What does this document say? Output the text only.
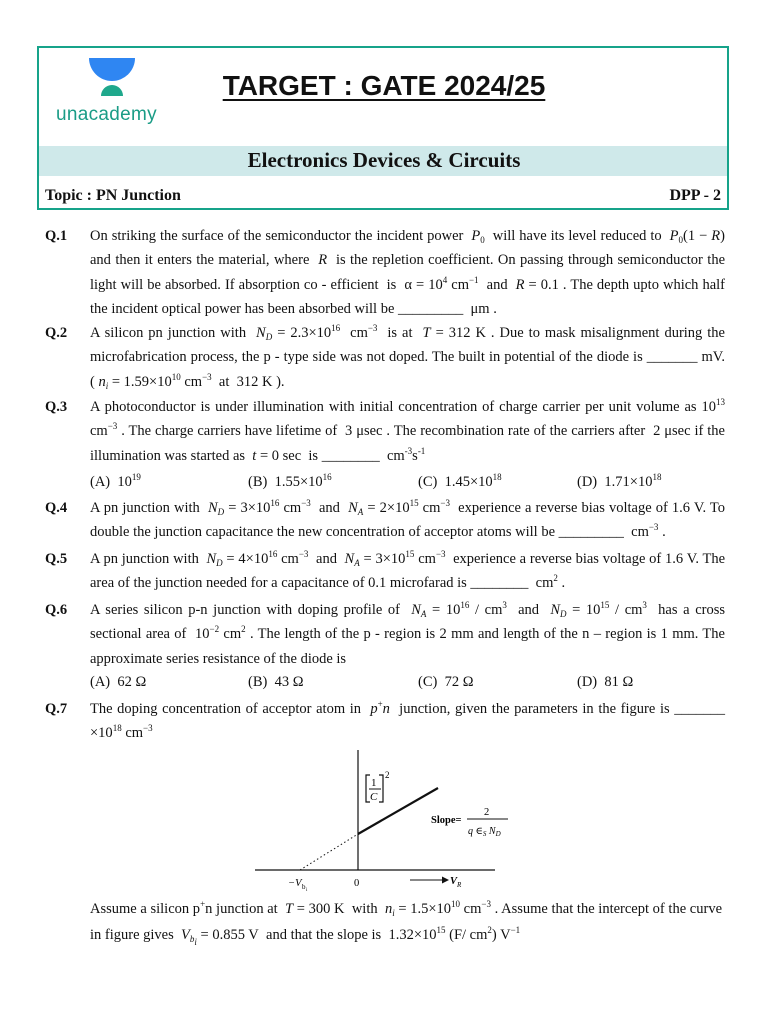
unacademy
TARGET : GATE 2024/25
Electronics Devices & Circuits
Topic : PN Junction	DPP - 2
Q.1 On striking the surface of the semiconductor the incident power  $P_0$  will have its level reduced to  $P_0(1 - R)$ and then it enters the material, where  R  is the repletion coefficient. On passing through semiconductor the light will be absorbed. If absorption co - efficient  is  $\alpha = 10^4$ $cm^{-1}$  and  R = 0.1 . The depth upto which half the incident optical power has been absorbed will be _________  μm .
Q.2 A silicon pn junction with  $N_D = 2.3\times 10^{16}$  $cm^{-3}$  is at  T = 312 K . Due to mask misalignment during the microfabrication process, the p - type side was not doped. The built in potential of the diode is _______ mV. ( $n_i = 1.59\times 10^{10}$ $cm^{-3}$  at  312 K ).
Q.3 A photoconductor is under illumination with initial concentration of charge carrier per unit volume as $10^{13}$ $cm^{-3}$ . The charge carriers have lifetime of  3 μsec . The recombination rate of the carriers after  2 μsec if the illumination was started as  t = 0 sec  is ________  $cm^{-3}s^{-1}$
(A)  $10^{19}$	(B)  $1.55\times 10^{16}$	(C)  $1.45\times 10^{18}$	(D)  $1.71\times 10^{18}$
Q.4 A pn junction with  $N_D = 3\times 10^{16}$ $cm^{-3}$  and  $N_A = 2\times 10^{15}$ $cm^{-3}$  experience a reverse bias voltage of 1.6 V. To double the junction capacitance the new concentration of acceptor atoms will be _________  $cm^{-3}$ .
Q.5 A pn junction with  $N_D = 4\times 10^{16}$ $cm^{-3}$  and  $N_A = 3\times 10^{15}$ $cm^{-3}$  experience a reverse bias voltage of 1.6 V. The area of the junction needed for a capacitance of 0.1 microfarad is ________  $cm^2$ .
Q.6 A series silicon p-n junction with doping profile of  $N_A = 10^{16} / cm^3$  and  $N_D = 10^{15} / cm^3$  has a cross sectional area of  $10^{-2}$ $cm^2$ . The length of the p - region is 2 mm and length of the n – region is 1 mm. The approximate series resistance of the diode is
(A)  62 Ω	(B)  43 Ω	(C)  72 Ω	(D)  81 Ω
Q.7 The doping concentration of acceptor atom in  p+n  junction, given the parameters in the figure is _______ $\times 10^{18}$ $cm^{-3}$
1
C
2
Slope=
2
q $\in_S$ $N_D$
−V b i
0	V R
Assume a silicon p+n junction at  T = 300 K  with  $n_i = 1.5\times 10^{10}$ $cm^{-3}$ . Assume that the intercept of the curve in figure gives  $V_{b_i} = 0.855$ V  and that the slope is  $1.32\times 10^{15}$ (F/ $cm^2$) $V^{-1}$
